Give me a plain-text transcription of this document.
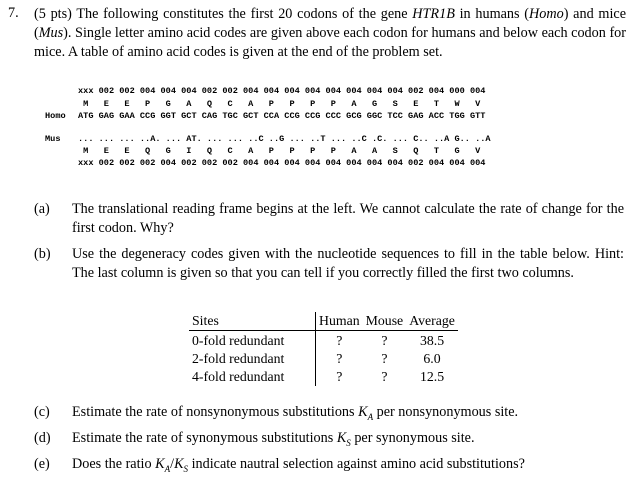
7. (5 pts) The following constitutes the first 20 codons of the gene HTR1B in humans (Homo) and mice (Mus). Single letter amino acid codes are given above each codon for humans and below each codon for mice. A table of amino acid codes is given at the end of the problem set.
xxx 002 002 004 004 004 002 002 004 004 004 004 004 004 004 004 002 004 000 004
M   E   E   P   G   A   Q   C   A   P   P   P   P   A   G   S   E   T   W   V
Homo ATG GAG GAA CCG GGT GCT CAG TGC GCT CCA CCG CCG CCC GCG GGC TCC GAG ACC TGG GTT
Mus ... ... ... ..A. ... AT. ... ... ..C ..G ... ..T ... ..C .C. ... C.. ..A G.. ..A
M   E   E   Q   G   I   Q   C   A   P   P   P   P   A   A   S   Q   T   G   V
xxx 002 002 002 004 002 002 002 004 004 004 004 004 004 004 004 002 004 004 004
(a) The translational reading frame begins at the left. We cannot calculate the rate of change for the first codon. Why?
(b) Use the degeneracy codes given with the nucleotide sequences to fill in the table below. Hint: The last column is given so that you can tell if you correctly filled the first two columns.
Sites	Human	Mouse	Average
0-fold redundant	?	?	38.5
2-fold redundant	?	?	6.0
4-fold redundant	?	?	12.5
(c) Estimate the rate of nonsynonymous substitutions $K_A$ per nonsynonymous site.
(d) Estimate the rate of synonymous substitutions $K_S$ per synonymous site.
(e) Does the ratio $K_A/K_S$ indicate nautral selection against amino acid substitutions?
